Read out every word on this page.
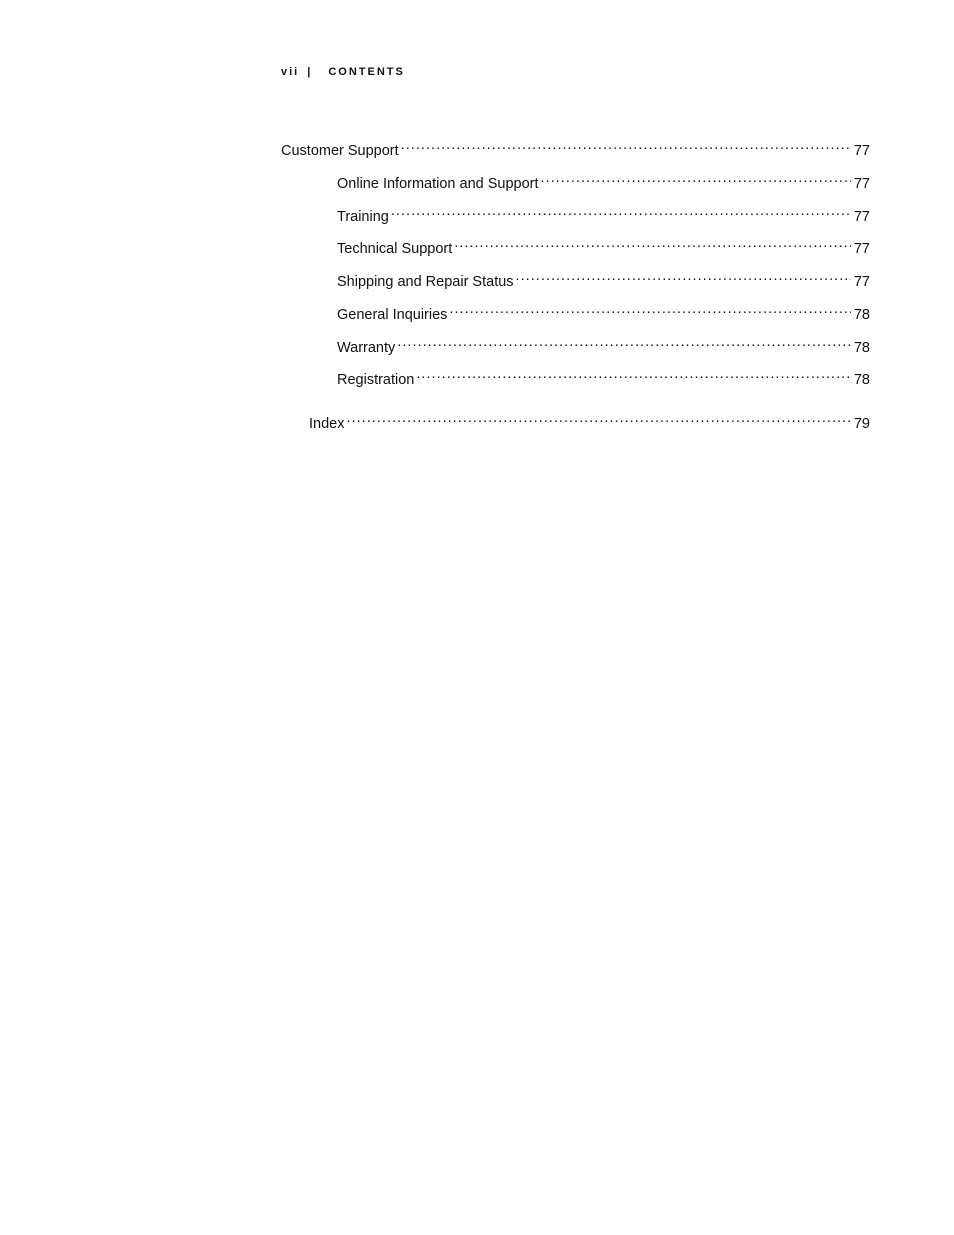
vii | CONTENTS
Customer Support . . .	77
Online Information and Support . . .	77
Training . . .	77
Technical Support . . .	77
Shipping and Repair Status . . .	77
General Inquiries . . .	78
Warranty . . .	78
Registration . . .	78
Index . . .	79
